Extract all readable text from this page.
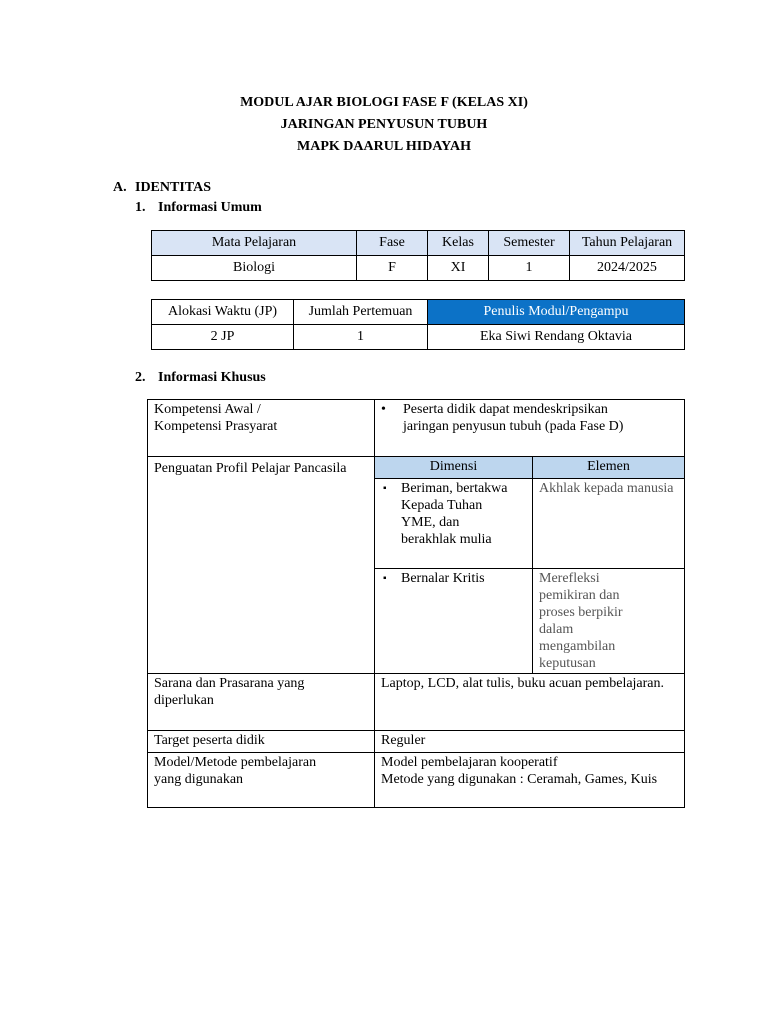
MODUL AJAR BIOLOGI FASE F (KELAS XI)
JARINGAN PENYUSUN TUBUH
MAPK DAARUL HIDAYAH
A. IDENTITAS
1. Informasi Umum
Mata Pelajaran	Fase	Kelas	Semester	Tahun Pelajaran
Biologi	F	XI	1	2024/2025
Alokasi Waktu (JP)	Jumlah Pertemuan	Penulis Modul/Pengampu
2 JP	1	Eka Siwi Rendang Oktavia
2. Informasi Khusus
Kompetensi Awal /
Kompetensi Prasyarat	• Peserta didik dapat mendeskripsikan jaringan penyusun tubuh (pada Fase D)	

Penguatan Profil Pelajar Pancasila	Dimensi	Elemen

	▪ Beriman, bertakwa Kepada Tuhan YME, dan berakhlak mulia	Akhlak kepada manusia

	▪ Bernalar Kritis	Merefleksi pemikiran dan proses berpikir dalam mengambilan keputusan
Sarana dan Prasarana yang diperlukan	Laptop, LCD, alat tulis, buku acuan pembelajaran.	
Target peserta didik	Reguler	
Model/Metode pembelajaran yang digunakan	Model pembelajaran kooperatif
Metode yang digunakan : Ceramah, Games, Kuis	
